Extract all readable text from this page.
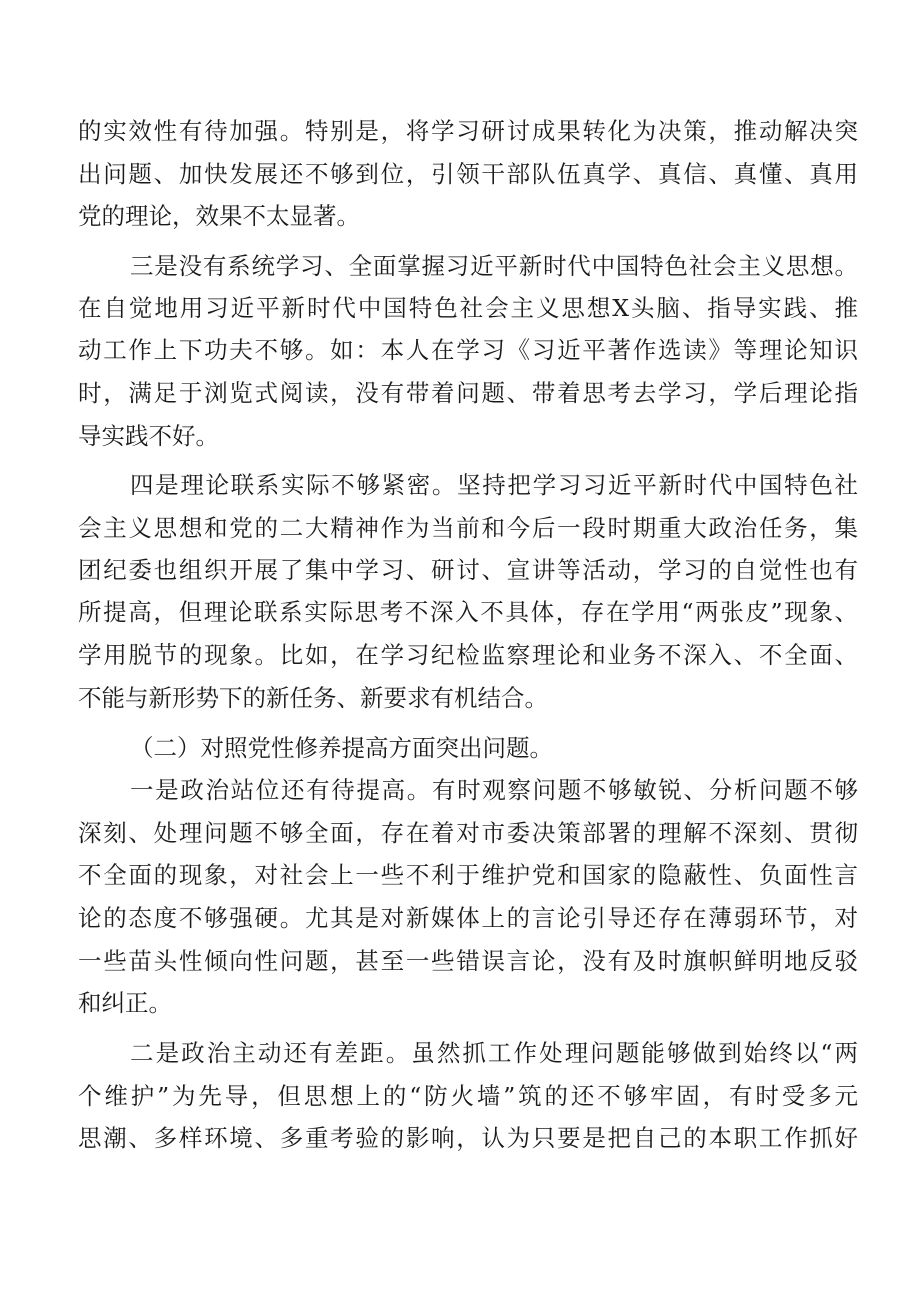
的实效性有待加强。特别是，将学习研讨成果转化为决策，推动解决突
出问题、加快发展还不够到位，引领干部队伍真学、真信、真懂、真用
党的理论，效果不太显著。
三是没有系统学习、全面掌握习近平新时代中国特色社会主义思想。
在自觉地用习近平新时代中国特色社会主义思想X头脑、指导实践、推
动工作上下功夫不够。如：本人在学习《习近平著作选读》等理论知识
时，满足于浏览式阅读，没有带着问题、带着思考去学习，学后理论指
导实践不好。
四是理论联系实际不够紧密。坚持把学习习近平新时代中国特色社
会主义思想和党的二大精神作为当前和今后一段时期重大政治任务，集
团纪委也组织开展了集中学习、研讨、宣讲等活动，学习的自觉性也有
所提高，但理论联系实际思考不深入不具体，存在学用“两张皮”现象、
学用脱节的现象。比如，在学习纪检监察理论和业务不深入、不全面、
不能与新形势下的新任务、新要求有机结合。
（二）对照党性修养提高方面突出问题。
一是政治站位还有待提高。有时观察问题不够敏锐、分析问题不够
深刻、处理问题不够全面，存在着对市委决策部署的理解不深刻、贯彻
不全面的现象，对社会上一些不利于维护党和国家的隐蔽性、负面性言
论的态度不够强硬。尤其是对新媒体上的言论引导还存在薄弱环节，对
一些苗头性倾向性问题，甚至一些错误言论，没有及时旗帜鲜明地反驳
和纠正。
二是政治主动还有差距。虽然抓工作处理问题能够做到始终以“两
个维护”为先导，但思想上的“防火墙”筑的还不够牢固，有时受多元
思潮、多样环境、多重考验的影响，认为只要是把自己的本职工作抓好
